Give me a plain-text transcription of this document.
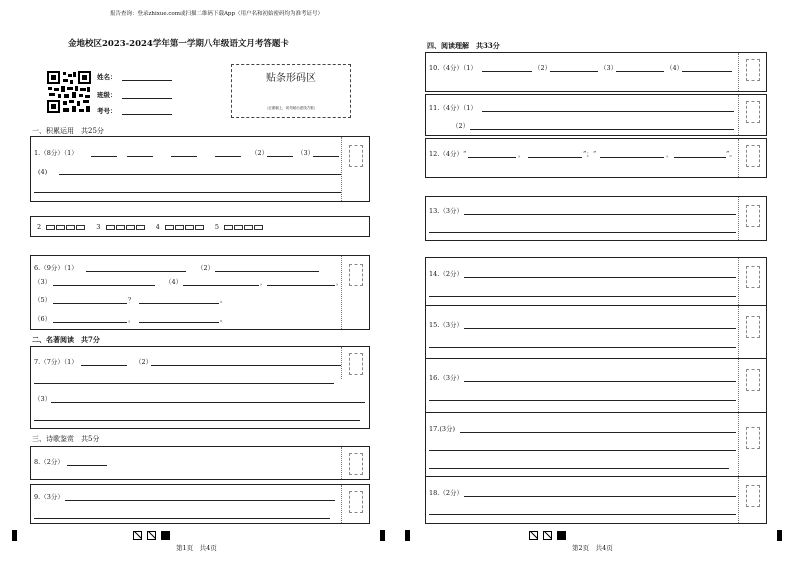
报告查询：登录zhixue.com或扫描二维码下载App（用户名和初始密码均为准考证号）
金地校区2023-2024学年第一学期八年级语文月考答题卡
姓名：
班级：
考号：
贴条形码区
（正面朝上，切勿贴出虚线方框）
一、积累运用　共25分
1.（8分）（1）	（2）	（3）
(4)
2	3	4	5
6.（9分）（1）	（2）
（3）	（4）	，	，
（5）	？	。
（6）	，	。
二、名著阅读　共7分
7.（7分）（1）	（2）
（3）
三、诗歌鉴赏　共5分
8.（2分）
9.（3分）
第1页　共4页
四、阅读理解　共33分
10.（4分）（1）	（2）	（3）	（4）
11.（4分）（1）
（2）
12.（4分）“	，	”；“	，	”。
13.（3分）
14.（2分）
15.（3分）
16.（3分）
17.(3分)
18.（2分）
第2页　共4页
